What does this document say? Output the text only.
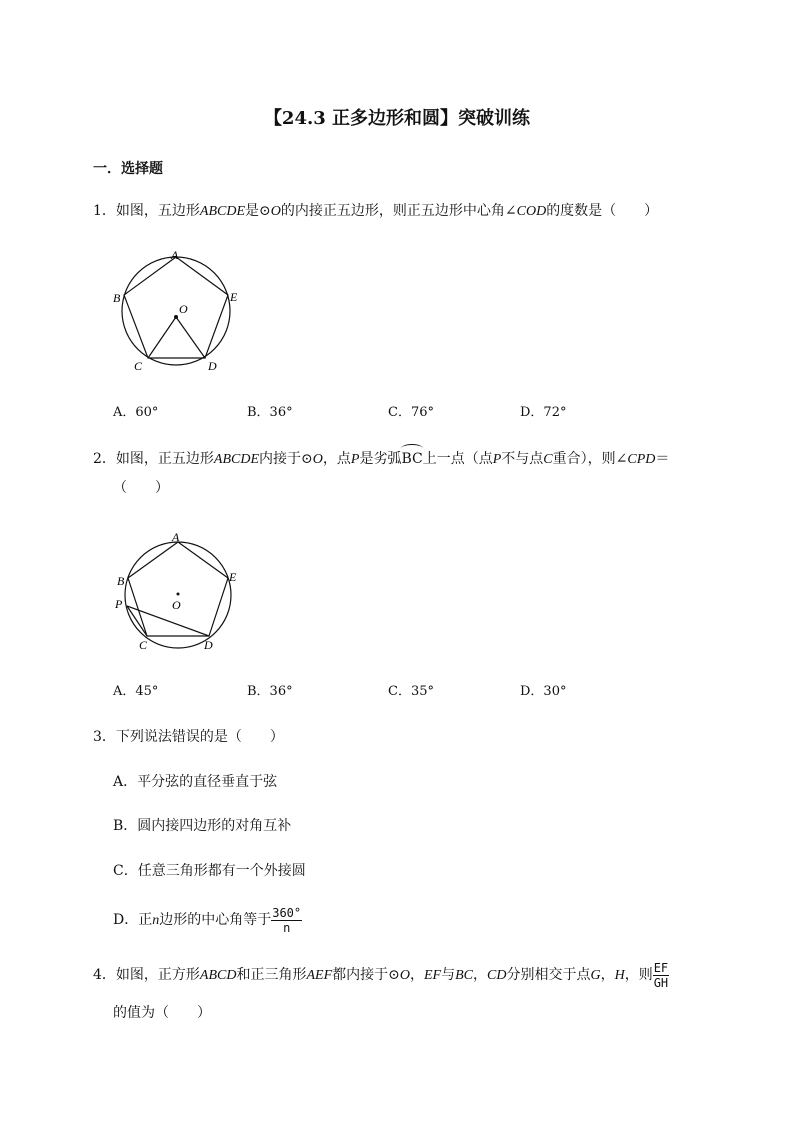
【24.3 正多边形和圆】突破训练
一．选择题
1．如图，五边形ABCDE是⊙O的内接正五边形，则正五边形中心角∠COD的度数是（　　）
A
B
C	D
E
O
A．60°	B．36°	C．76°	D．72°
2．如图，正五边形ABCDE内接于⊙O，点P是劣弧BC上一点（点P不与点C重合），则∠CPD＝
（　　）
A
B
P
C	D
E
O
A．45°	B．36°	C．35°	D．30°
3．下列说法错误的是（　　）
A．平分弦的直径垂直于弦
B．圆内接四边形的对角互补
C．任意三角形都有一个外接圆
D．正n边形的中心角等于 $\frac{360^\circ}{n}$
4．如图，正方形ABCD和正三角形AEF都内接于⊙O，EF与BC，CD分别相交于点G，H，则 $\frac{EF}{GH}$
的值为（　　）
